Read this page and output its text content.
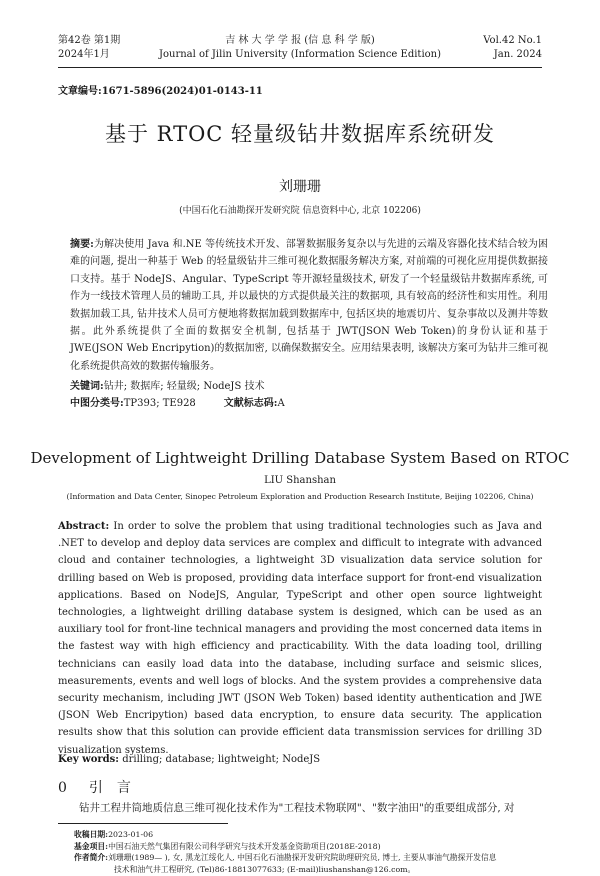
第42卷 第1期
2024年1月
吉 林 大 学 学 报 (信 息 科 学 版)
Journal of Jilin University (Information Science Edition)
Vol.42 No.1
Jan. 2024
文章编号:1671-5896(2024)01-0143-11
基于 RTOC 轻量级钻井数据库系统研发
刘珊珊
(中国石化石油勘探开发研究院 信息资料中心, 北京 102206)
摘要:为解决使用 Java 和.NE 等传统技术开发、部署数据服务复杂以与先进的云端及容器化技术结合较为困难的问题, 提出一种基于 Web 的轻量级钻井三维可视化数据服务解决方案, 对前端的可视化应用提供数据接口支持。基于 NodeJS、Angular、TypeScript 等开源轻量级技术, 研发了一个轻量级钻井数据库系统, 可作为一线技术管理人员的辅助工具, 并以最快的方式提供最关注的数据项, 具有较高的经济性和实用性。利用数据加载工具, 钻井技术人员可方便地将数据加载到数据库中, 包括区块的地震切片、复杂事故以及测井等数据。此外系统提供了全面的数据安全机制, 包括基于 JWT(JSON Web Token)的身份认证和基于 JWE(JSON Web Encripytion)的数据加密, 以确保数据安全。应用结果表明, 该解决方案可为钻井三维可视化系统提供高效的数据传输服务。
关键词:钻井; 数据库; 轻量级; NodeJS 技术
中图分类号:TP393; TE928	文献标志码:A
Development of Lightweight Drilling Database System Based on RTOC
LIU Shanshan
(Information and Data Center, Sinopec Petroleum Exploration and Production Research Institute, Beijing 102206, China)
Abstract: In order to solve the problem that using traditional technologies such as Java and .NET to develop and deploy data services are complex and difficult to integrate with advanced cloud and container technologies, a lightweight 3D visualization data service solution for drilling based on Web is proposed, providing data interface support for front-end visualization applications. Based on NodeJS, Angular, TypeScript and other open source lightweight technologies, a lightweight drilling database system is designed, which can be used as an auxiliary tool for front-line technical managers and providing the most concerned data items in the fastest way with high efficiency and practicability. With the data loading tool, drilling technicians can easily load data into the database, including surface and seismic slices, measurements, events and well logs of blocks. And the system provides a comprehensive data security mechanism, including JWT (JSON Web Token) based identity authentication and JWE (JSON Web Encripytion) based data encryption, to ensure data security. The application results show that this solution can provide efficient data transmission services for drilling 3D visualization systems.
Key words: drilling; database; lightweight; NodeJS
0 引言
钻井工程井筒地质信息三维可视化技术作为"工程技术物联网"、"数字油田"的重要组成部分, 对
收稿日期:2023-01-06
基金项目:中国石油天然气集团有限公司科学研究与技术开发基金资助项目(2018E-2018)
作者简介:刘珊珊(1989— ), 女, 黑龙江绥化人, 中国石化石油勘探开发研究院助理研究员, 博士, 主要从事油气勘探开发信息
技术和油气井工程研究, (Tel)86-18813077633; (E-mail)liushanshan@126.com。
